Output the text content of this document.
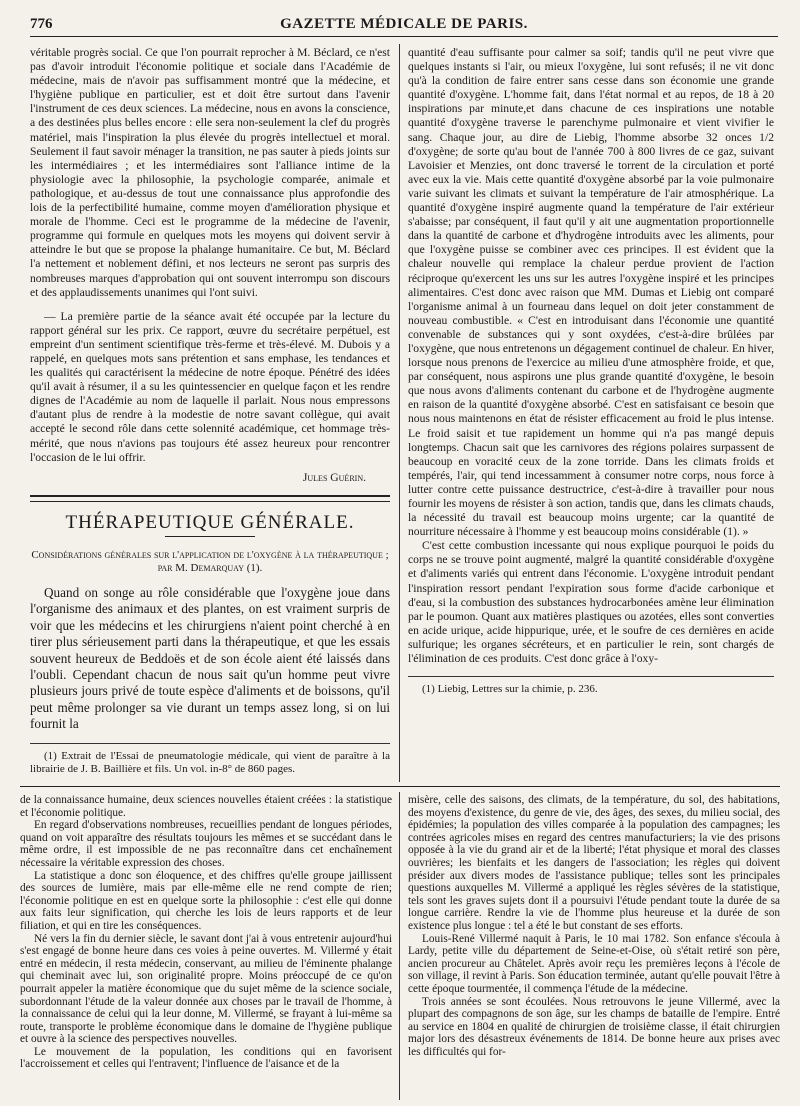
776	GAZETTE MÉDICALE DE PARIS.

véritable progrès social. Ce que l'on pourrait reprocher à M. Béclard, ce n'est pas d'avoir introduit l'économie politique et sociale dans l'Académie de médecine, mais de n'avoir pas suffisamment montré que la médecine, et l'hygiène publique en particulier, est et doit être surtout dans l'avenir l'instrument de ces deux sciences. La médecine, nous en avons la conscience, a des destinées plus belles encore : elle sera non-seulement la clef du progrès matériel, mais l'inspiration la plus élevée du progrès intellectuel et moral. Seulement il faut savoir ménager la transition, ne pas sauter à pieds joints sur les intermédiaires ; et les intermédiaires sont l'alliance intime de la physiologie avec la philosophie, la psychologie comparée, animale et pathologique, et au-dessus de tout une connaissance plus approfondie des lois de la perfectibilité humaine, comme moyen d'amélioration physique et morale de l'homme. Ceci est le programme de la médecine de l'avenir, programme qui formule en quelques mots les moyens qui doivent servir à atteindre le but que se propose la phalange humanitaire. Ce but, M. Béclard l'a nettement et noblement défini, et nos lecteurs ne seront pas surpris des nombreuses marques d'approbation qui ont souvent interrompu son discours et des applaudissements unanimes qui l'ont suivi.

— La première partie de la séance avait été occupée par la lecture du rapport général sur les prix. Ce rapport, œuvre du secrétaire perpétuel, est empreint d'un sentiment scientifique très-ferme et très-élevé. M. Dubois y a rappelé, en quelques mots sans prétention et sans emphase, les tendances et les qualités qui caractérisent la médecine de notre époque. Pénétré des idées qu'il avait à résumer, il a su les quintessencier en quelque façon et les rendre dignes de l'Académie au nom de laquelle il parlait. Nous nous empressons d'autant plus de rendre à la modestie de notre savant collègue, qui avait accepté le second rôle dans cette solennité académique, cet hommage très-mérité, que nous n'avions pas toujours été assez heureux pour rencontrer l'occasion de le lui offrir.

Jules Guérin.

THÉRAPEUTIQUE GÉNÉRALE.

Considérations générales sur l'application de l'oxygène à la thérapeutique ; par M. Demarquay (1).

Quand on songe au rôle considérable que l'oxygène joue dans l'organisme des animaux et des plantes, on est vraiment surpris de voir que les médecins et les chirurgiens n'aient point cherché à en tirer plus sérieusement parti dans la thérapeutique, et que les essais souvent heureux de Beddoës et de son école aient été laissés dans l'oubli. Cependant chacun de nous sait qu'un homme peut vivre plusieurs jours privé de toute espèce d'aliments et de boissons, qu'il peut même prolonger sa vie durant un temps assez long, si on lui fournit la

(1) Extrait de l'Essai de pneumatologie médicale, qui vient de paraître à la librairie de J. B. Baillière et fils. Un vol. in-8° de 860 pages.

quantité d'eau suffisante pour calmer sa soif; tandis qu'il ne peut vivre que quelques instants si l'air, ou mieux l'oxygène, lui sont refusés; il ne vit donc qu'à la condition de faire entrer sans cesse dans son économie une grande quantité d'oxygène. L'homme fait, dans l'état normal et au repos, de 18 à 20 inspirations par minute,et dans chacune de ces inspirations une notable quantité d'oxygène traverse le parenchyme pulmonaire et vient vivifier le sang. Chaque jour, au dire de Liebig, l'homme absorbe 32 onces 1/2 d'oxygène; de sorte qu'au bout de l'année 700 à 800 livres de ce gaz, suivant Lavoisier et Menzies, ont donc traversé le torrent de la circulation et porté avec eux la vie. Mais cette quantité d'oxygène absorbé par la voie pulmonaire varie suivant les climats et suivant la température de l'air atmosphérique. La quantité d'oxygène inspiré augmente quand la température de l'air extérieur s'abaisse; par conséquent, il faut qu'il y ait une augmentation proportionnelle dans la quantité de carbone et d'hydrogène introduits avec les aliments, pour que l'oxygène puisse se combiner avec ces principes. Il est évident que la chaleur nouvelle qui remplace la chaleur perdue provient de l'action réciproque qu'exercent les uns sur les autres l'oxygène inspiré et les principes alimentaires. C'est donc avec raison que MM. Dumas et Liebig ont comparé l'organisme animal à un fourneau dans lequel on doit jeter constamment de nouveau combustible. « C'est en introduisant dans l'économie une quantité convenable de substances qui y sont oxydées, c'est-à-dire brûlées par l'oxygène, que nous entretenons un dégagement continuel de chaleur. En hiver, lorsque nous prenons de l'exercice au milieu d'une atmosphère froide, et que, par conséquent, nous aspirons une plus grande quantité d'oxygène, le besoin que nous avons d'aliments contenant du carbone et de l'hydrogène augmente en raison de la quantité d'oxygène absorbé. C'est en satisfaisant ce besoin que nous nous maintenons en état de résister efficacement au froid le plus intense. Le froid saisit et tue rapidement un homme qui n'a pas mangé depuis longtemps. Chacun sait que les carnivores des régions polaires surpassent de beaucoup en voracité ceux de la zone torride. Dans les climats froids et tempérés, l'air, qui tend incessamment à consumer notre corps, nous force à lutter contre cette puissance destructrice, c'est-à-dire à travailler pour nous fournir les moyens de résister à son action, tandis que, dans les climats chauds, la nécessité du travail est beaucoup moins urgente; car la quantité de nourriture nécessaire à l'homme y est beaucoup moins considérable (1). »

C'est cette combustion incessante qui nous explique pourquoi le poids du corps ne se trouve point augmenté, malgré la quantité considérable d'oxygène et d'aliments variés qui entrent dans l'économie. L'oxygène introduit pendant l'inspiration ressort pendant l'expiration sous forme d'acide carbonique et d'eau, si la combustion des substances hydrocarbonées amène leur élimination par le poumon. Quant aux matières plastiques ou azotées, elles sont converties en acide urique, acide hippurique, urée, et le soufre de ces dernières en acide sulfurique; les organes sécréteurs, et en particulier le rein, sont chargés de l'élimination de ces produits. C'est donc grâce à l'oxy-

(1) Liebig, Lettres sur la chimie, p. 236.

de la connaissance humaine, deux sciences nouvelles étaient créées : la statistique et l'économie politique.

En regard d'observations nombreuses, recueillies pendant de longues périodes, quand on voit apparaître des résultats toujours les mêmes et se succédant dans le même ordre, il est impossible de ne pas reconnaître dans cet enchaînement nécessaire la véritable expression des choses.

La statistique a donc son éloquence, et des chiffres qu'elle groupe jaillissent des sources de lumière, mais par elle-même elle ne rend compte de rien; l'économie politique en est en quelque sorte la philosophie : c'est elle qui donne aux faits leur signification, qui cherche les lois de leurs rapports et de leur filiation, et qui en tire les conséquences.

Né vers la fin du dernier siècle, le savant dont j'ai à vous entretenir aujourd'hui s'est engagé de bonne heure dans ces voies à peine ouvertes. M. Villermé y était entré en médecin, il resta médecin, conservant, au milieu de l'éminente phalange qui cheminait avec lui, son originalité propre. Moins préoccupé de ce qu'on pourrait appeler la matière économique que du sujet même de la science sociale, subordonnant l'étude de la valeur donnée aux choses par le travail de l'homme, à la connaissance de celui qui la leur donne, M. Villermé, se frayant à lui-même sa route, transporte le problème économique dans le domaine de l'hygiène publique et ouvre à la science des perspectives nouvelles.

Le mouvement de la population, les conditions qui en favorisent l'accroissement et celles qui l'entravent; l'influence de l'aisance et de la

misère, celle des saisons, des climats, de la température, du sol, des habitations, des moyens d'existence, du genre de vie, des âges, des sexes, du milieu social, des épidémies; la population des villes comparée à la population des campagnes; les contrées agricoles mises en regard des centres manufacturiers; la vie des prisons opposée à la vie du grand air et de la liberté; l'état physique et moral des classes ouvrières; les bienfaits et les dangers de l'association; les règles qui doivent présider aux divers modes de l'assistance publique; telles sont les principales questions auxquelles M. Villermé a appliqué les règles sévères de la statistique, tels sont les graves sujets dont il a poursuivi l'étude pendant toute la durée de sa longue carrière. Rendre la vie de l'homme plus heureuse et la durée de son existence plus longue : tel a été le but constant de ses efforts.

Louis-René Villermé naquit à Paris, le 10 mai 1782. Son enfance s'écoula à Lardy, petite ville du département de Seine-et-Oise, où s'était retiré son père, ancien procureur au Châtelet. Après avoir reçu les premières leçons à l'école de son village, il revint à Paris. Son éducation terminée, autant qu'elle pouvait l'être à cette époque tourmentée, il commença l'étude de la médecine.

Trois années se sont écoulées. Nous retrouvons le jeune Villermé, avec la plupart des compagnons de son âge, sur les champs de bataille de l'empire. Entré au service en 1804 en qualité de chirurgien de troisième classe, il était chirurgien major lors des désastreux événements de 1814. De bonne heure aux prises avec les difficultés qui for-
